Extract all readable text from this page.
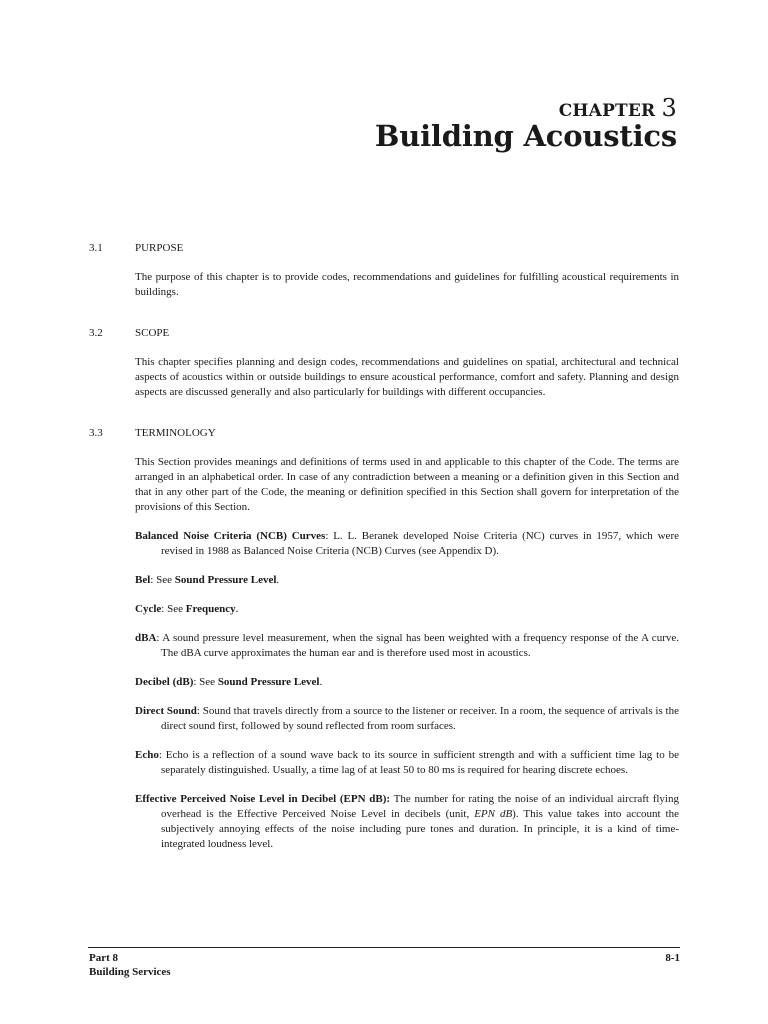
CHAPTER 3
Building Acoustics
3.1	PURPOSE
The purpose of this chapter is to provide codes, recommendations and guidelines for fulfilling acoustical requirements in buildings.
3.2	SCOPE
This chapter specifies planning and design codes, recommendations and guidelines on spatial, architectural and technical aspects of acoustics within or outside buildings to ensure acoustical performance, comfort and safety. Planning and design aspects are discussed generally and also particularly for buildings with different occupancies.
3.3	TERMINOLOGY
This Section provides meanings and definitions of terms used in and applicable to this chapter of the Code. The terms are arranged in an alphabetical order. In case of any contradiction between a meaning or a definition given in this Section and that in any other part of the Code, the meaning or definition specified in this Section shall govern for interpretation of the provisions of this Section.
Balanced Noise Criteria (NCB) Curves: L. L. Beranek developed Noise Criteria (NC) curves in 1957, which were revised in 1988 as Balanced Noise Criteria (NCB) Curves (see Appendix D).
Bel: See Sound Pressure Level.
Cycle: See Frequency.
dBA: A sound pressure level measurement, when the signal has been weighted with a frequency response of the A curve. The dBA curve approximates the human ear and is therefore used most in acoustics.
Decibel (dB): See Sound Pressure Level.
Direct Sound: Sound that travels directly from a source to the listener or receiver. In a room, the sequence of arrivals is the direct sound first, followed by sound reflected from room surfaces.
Echo: Echo is a reflection of a sound wave back to its source in sufficient strength and with a sufficient time lag to be separately distinguished. Usually, a time lag of at least 50 to 80 ms is required for hearing discrete echoes.
Effective Perceived Noise Level in Decibel (EPN dB): The number for rating the noise of an individual aircraft flying overhead is the Effective Perceived Noise Level in decibels (unit, EPN dB). This value takes into account the subjectively annoying effects of the noise including pure tones and duration. In principle, it is a kind of time-integrated loudness level.
Part 8
Building Services
8-1
